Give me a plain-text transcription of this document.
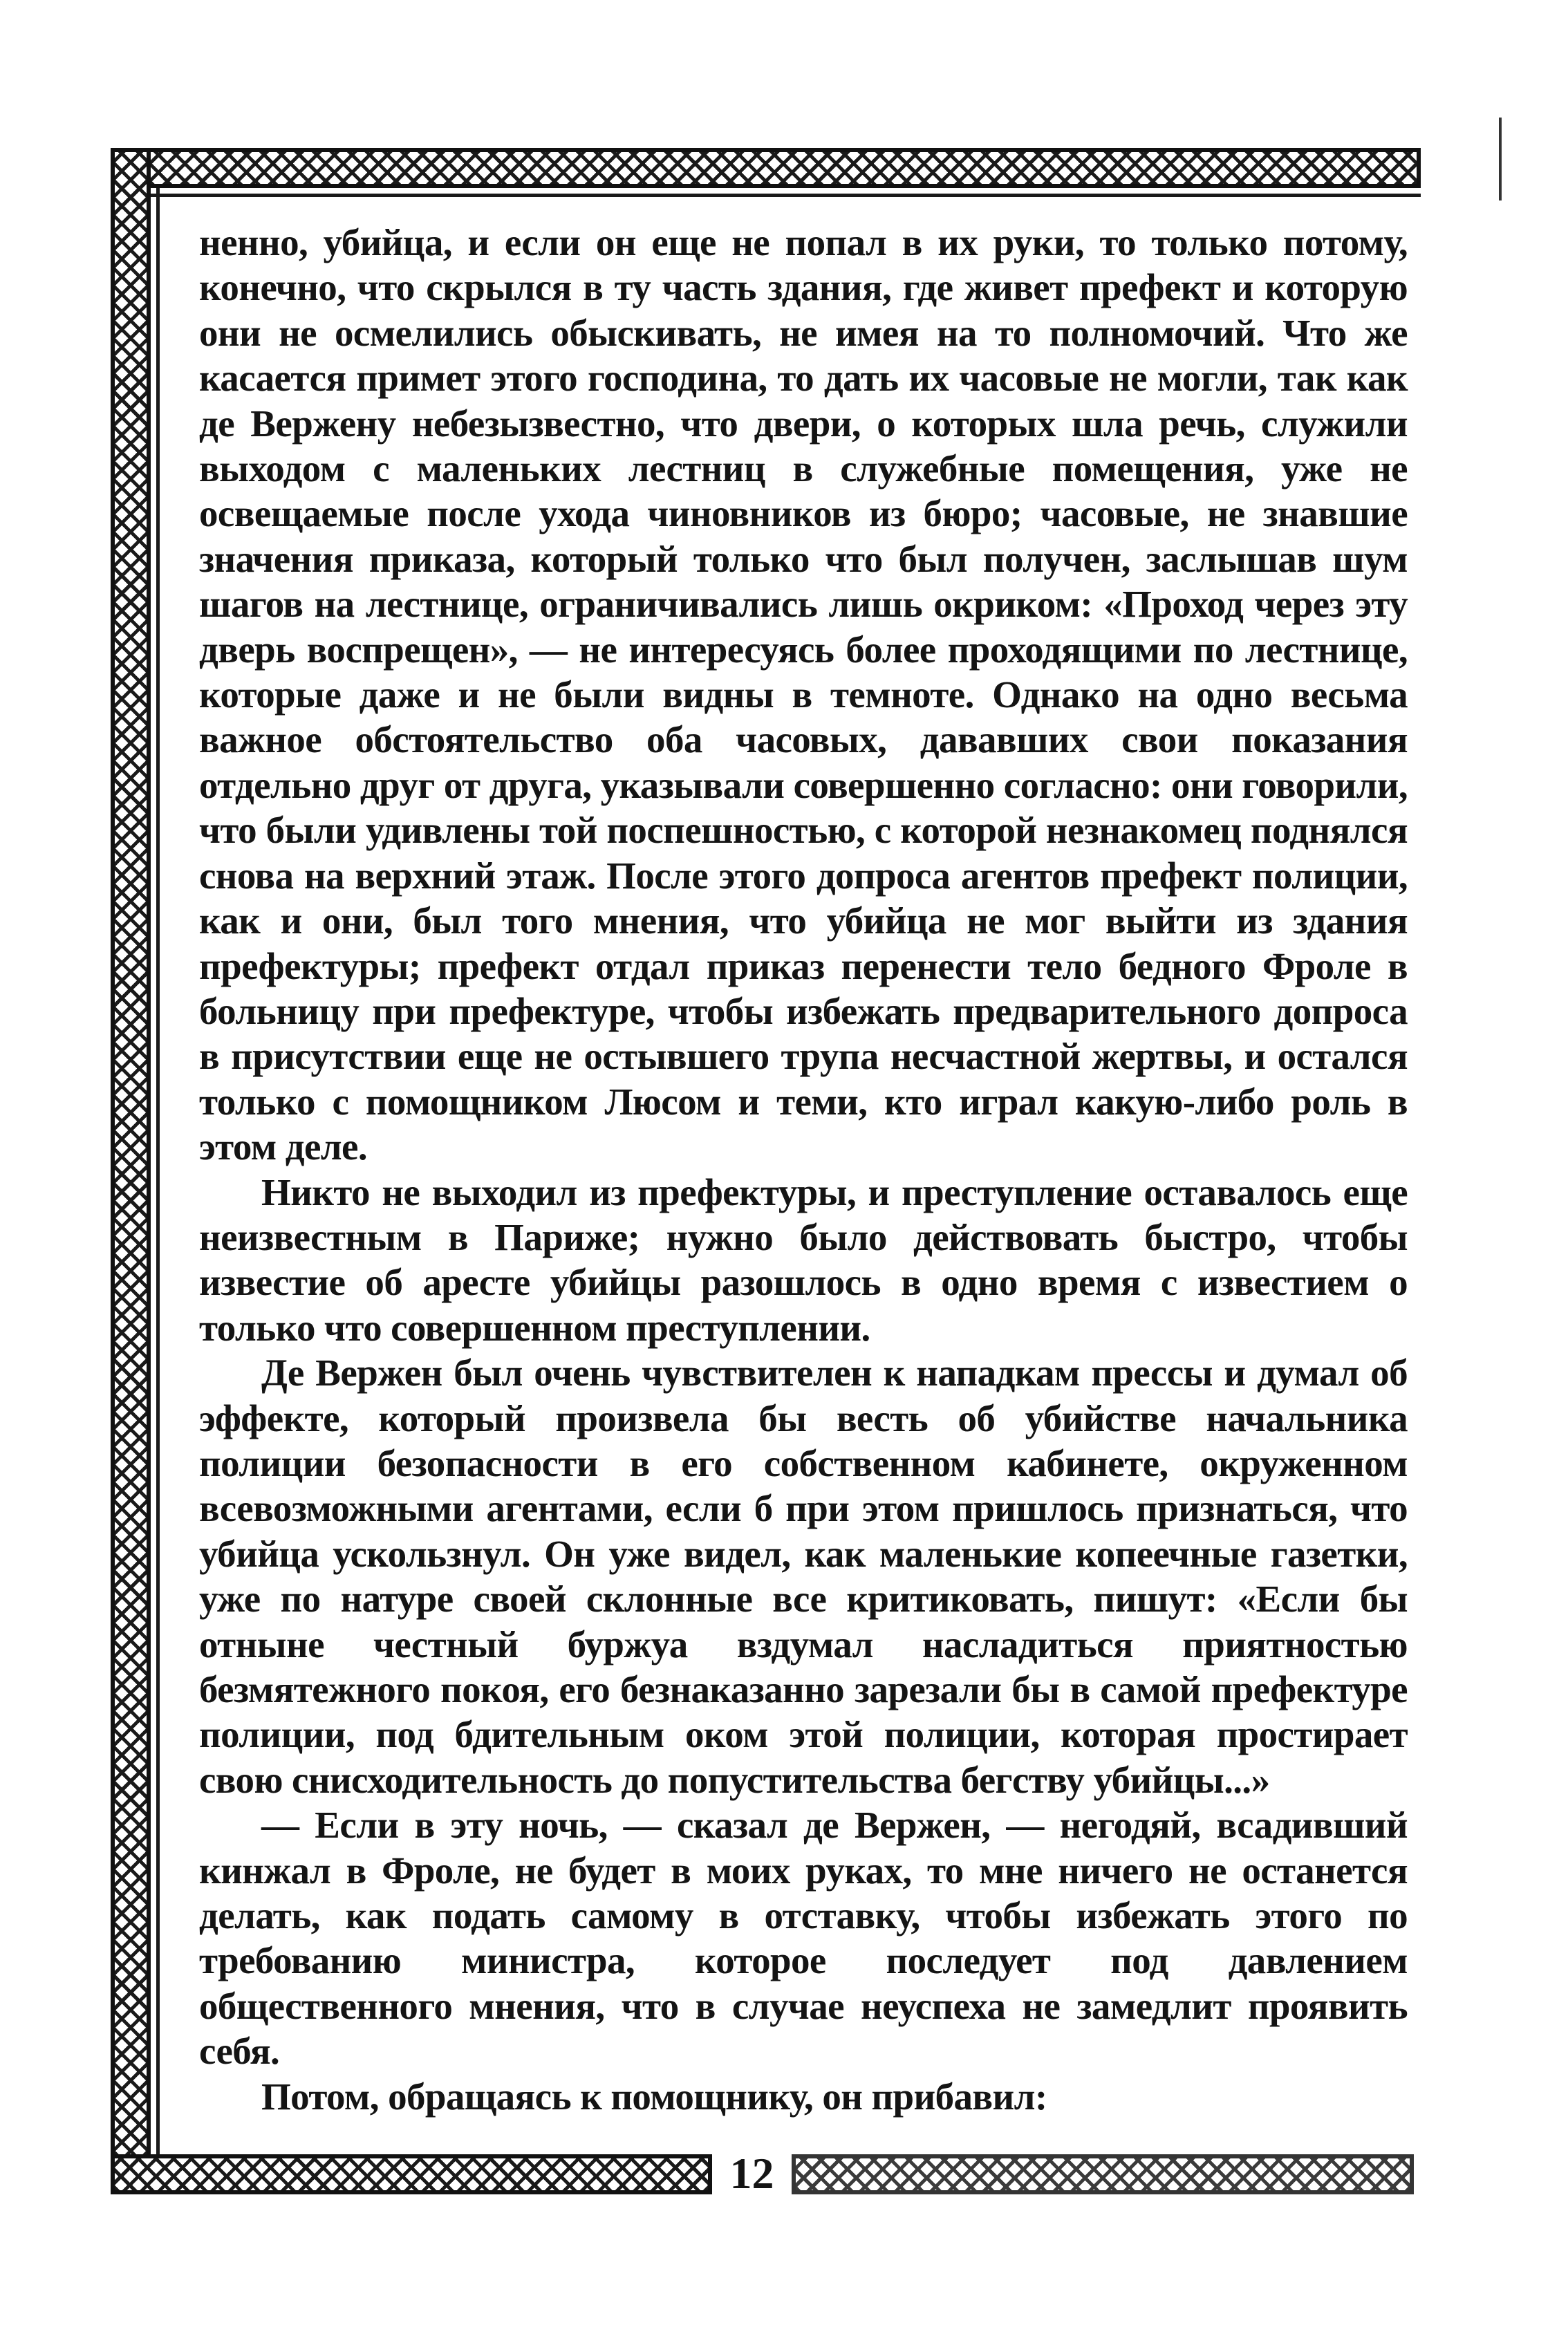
12

ненно, убийца, и если он еще не попал в их руки, то только потому, конечно, что скрылся в ту часть здания, где живет префект и которую они не осмелились обыскивать, не имея на то полномочий. Что же касается примет этого господина, то дать их часовые не могли, так как де Вержену небезызвестно, что двери, о которых шла речь, служили выходом с маленьких лестниц в служебные помещения, уже не освещаемые после ухода чиновников из бюро; часовые, не знавшие значения приказа, который только что был получен, заслышав шум шагов на лестнице, ограничивались лишь окриком: «Проход через эту дверь воспрещен», — не интересуясь более проходящими по лестнице, которые даже и не были видны в темноте. Однако на одно весьма важное обстоятельство оба часовых, дававших свои показания отдельно друг от друга, указывали совершенно согласно: они говорили, что были удивлены той поспешностью, с которой незнакомец поднялся снова на верхний этаж. После этого допроса агентов префект полиции, как и они, был того мнения, что убийца не мог выйти из здания префектуры; префект отдал приказ перенести тело бедного Фроле в больницу при префектуре, чтобы избежать предварительного допроса в присутствии еще не остывшего трупа несчастной жертвы, и остался только с помощником Люсом и теми, кто играл какую-либо роль в этом деле.

Никто не выходил из префектуры, и преступление оставалось еще неизвестным в Париже; нужно было действовать быстро, чтобы известие об аресте убийцы разошлось в одно время с известием о только что совершенном преступлении.

Де Вержен был очень чувствителен к нападкам прессы и думал об эффекте, который произвела бы весть об убийстве начальника полиции безопасности в его собственном кабинете, окруженном всевозможными агентами, если б при этом пришлось признаться, что убийца ускользнул. Он уже видел, как маленькие копеечные газетки, уже по натуре своей склонные все критиковать, пишут: «Если бы отныне честный буржуа вздумал насладиться приятностью безмятежного покоя, его безнаказанно зарезали бы в самой префектуре полиции, под бдительным оком этой полиции, которая простирает свою снисходительность до попустительства бегству убийцы...»

— Если в эту ночь, — сказал де Вержен, — негодяй, всадивший кинжал в Фроле, не будет в моих руках, то мне ничего не останется делать, как подать самому в отставку, чтобы избежать этого по требованию министра, которое последует под давлением общественного мнения, что в случае неуспеха не замедлит проявить себя.

Потом, обращаясь к помощнику, он прибавил:
